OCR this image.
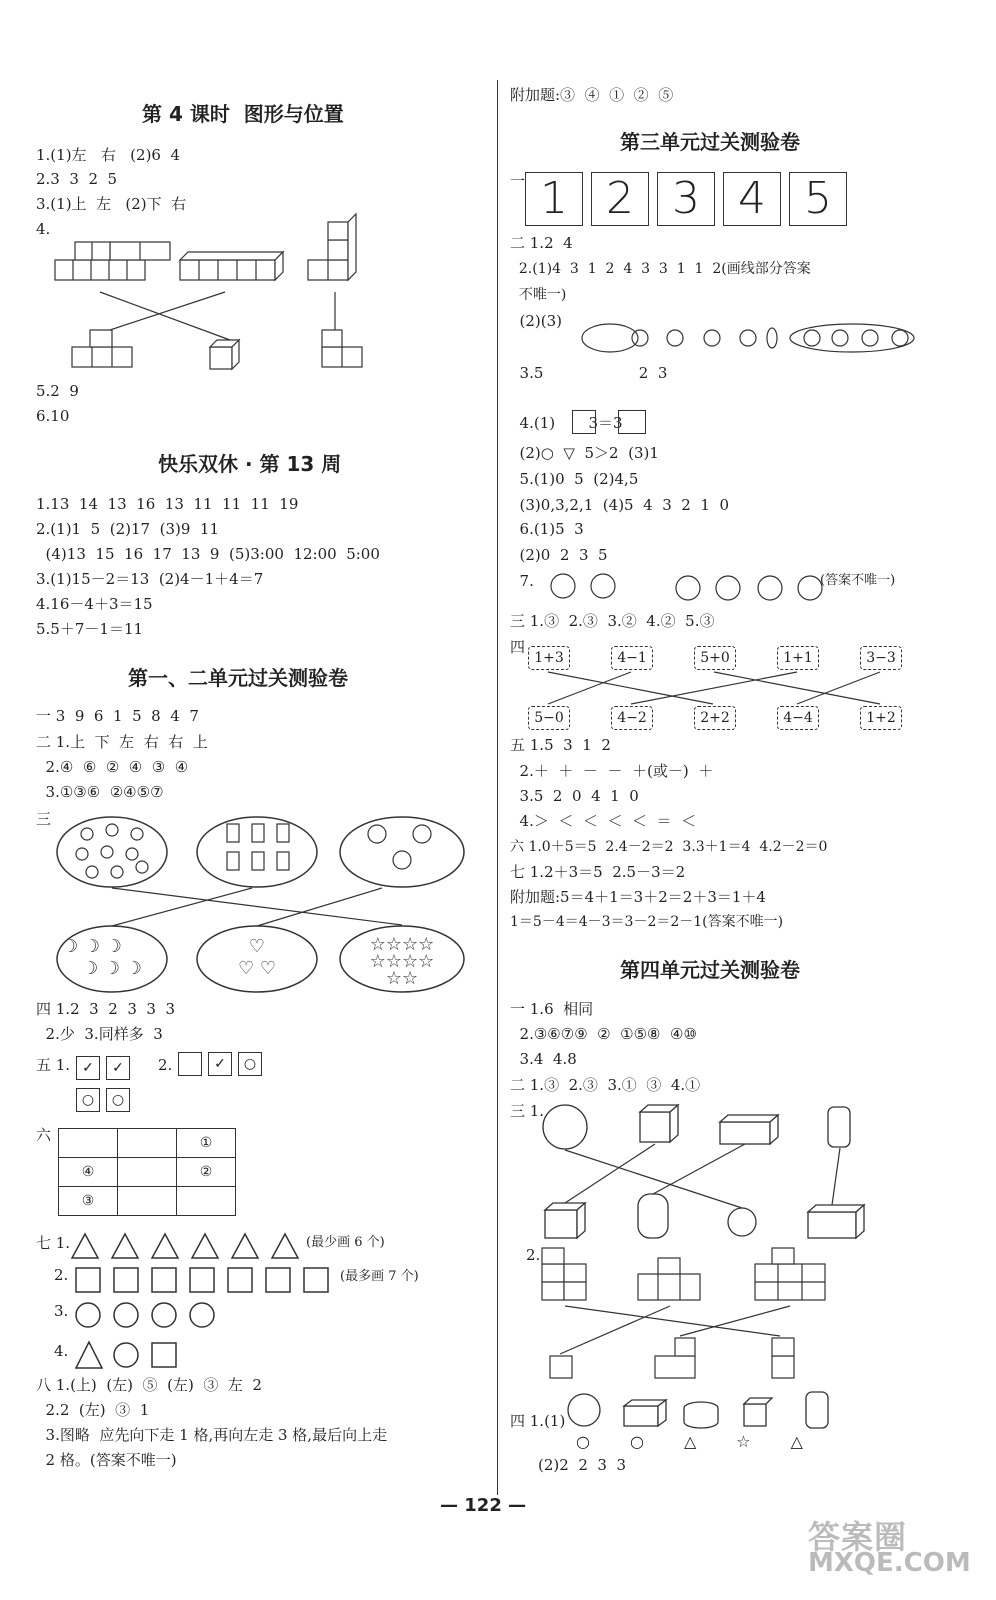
第 4 课时  图形与位置
1.(1)左   右   (2)6  4
2.3  3  2  5
3.(1)上  左   (2)下  右
4.
5.2  9
6.10
快乐双休 · 第 13 周
1.13  14  13  16  13  11  11  11  19
2.(1)1  5  (2)17  (3)9  11
(4)13  15  16  17  13  9  (5)3:00  12:00  5:00
3.(1)15－2＝13  (2)4－1＋4＝7
4.16－4＋3＝15
5.5＋7－1＝11
第一、二单元过关测验卷
一 3  9  6  1  5  8  4  7
二 1.上  下  左  右  右  上
2.④  ⑥  ②  ④  ③  ④
3.①③⑥  ②④⑤⑦
三
☽ ☽ ☽
☽ ☽ ☽
♡
♡ ♡
☆☆☆☆
☆☆☆☆
☆☆
四 1.2  3  2  3  3  3
2.少  3.同样多  3
五 1. ✓ ✓
○ ○
2.	✓ ○
六
			①
④		②
③		
七 1.	(最少画 6 个)
2.	(最多画 7 个)
3.
4.
八 1.(上)  (左)  ⑤  (左)  ③  左  2
2.2  (左)  ③  1
3.图略  应先向下走 1 格,再向左走 3 格,最后向上走
2 格。(答案不唯一)
附加题:③  ④  ①  ②  ⑤
第三单元过关测验卷
一 1 2 3 4 5
二 1.2  4
2.(1)4  3  1  2  4  3  3  1  1  2(画线部分答案
不唯一)
(2)(3)
3.5                    2  3
4.(1)       3＝3
(2)○  ▽  5＞2  (3)1
5.(1)0  5  (2)4,5
(3)0,3,2,1  (4)5  4  3  2  1  0
6.(1)5  3
(2)0  2  3  5
7.	(答案不唯一)
三 1.③  2.③  3.②  4.②  5.③
四
1+3	4−1	5+0	1+1	3−3
5−0	4−2	2+2	4−4	1+2
五 1.5  3  1  2
2.＋  ＋  －  －  ＋(或－)  ＋
3.5  2  0  4  1  0
4.＞  ＜  ＜  ＜  ＜  ＝  ＜
六 1.0＋5＝5  2.4－2＝2  3.3＋1＝4  4.2－2＝0
七 1.2＋3＝5  2.5－3＝2
附加题:5＝4＋1＝3＋2＝2＋3＝1＋4
1＝5－4＝4－3＝3－2＝2－1(答案不唯一)
第四单元过关测验卷
一 1.6  相同
2.③⑥⑦⑨  ②  ①⑤⑧  ④⑩
3.4  4.8
二 1.③  2.③  3.①  ③  4.①
三 1.
2.
四 1.(1)
○	○	△	☆	△
(2)2  2  3  3
— 122 —
答案圈
MXQE.COM
